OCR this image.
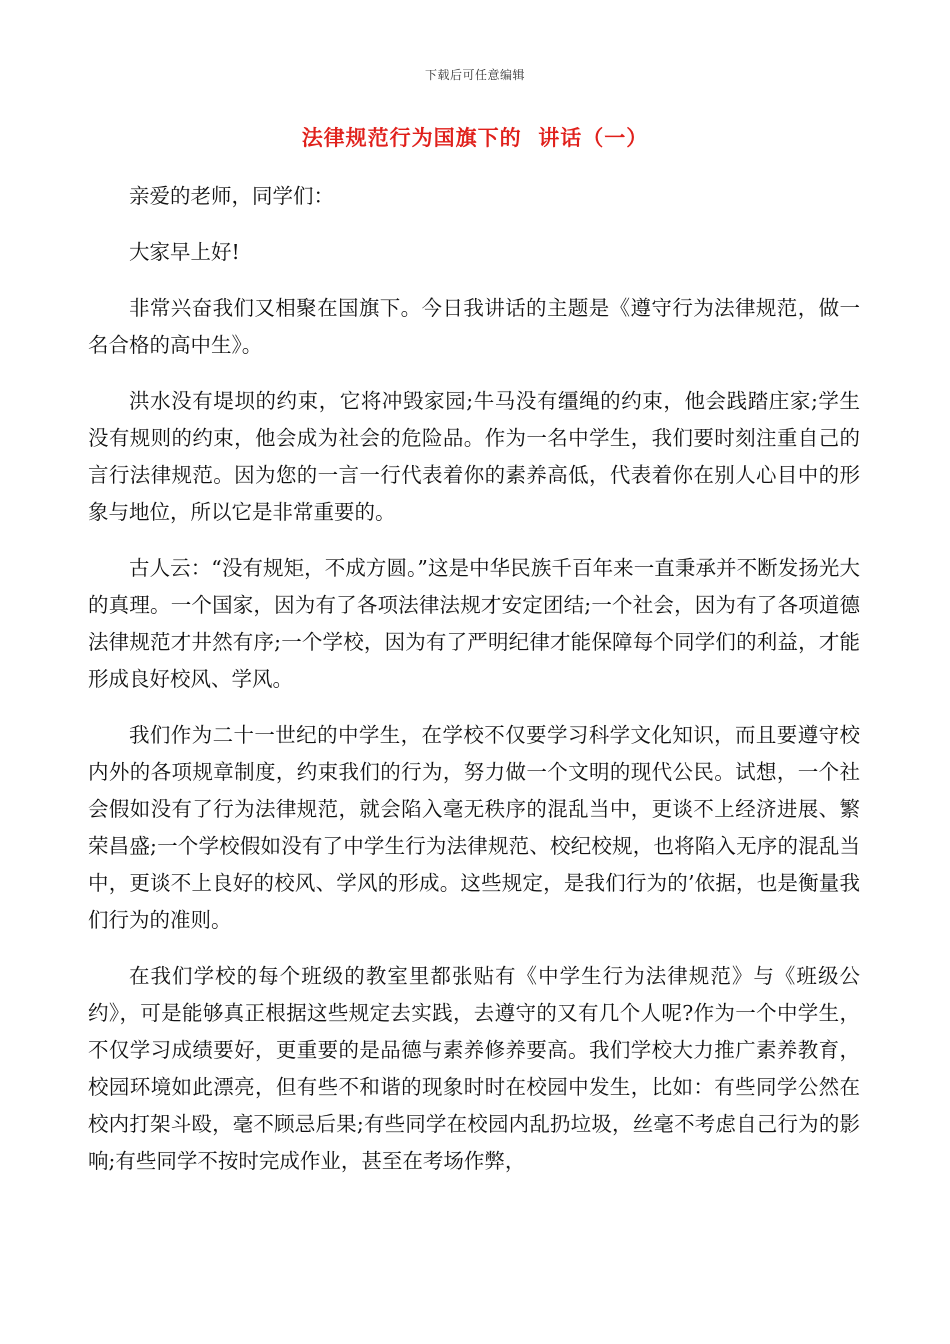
下载后可任意编辑
法律规范行为国旗下的  讲话（一）

亲爱的老师，同学们：

大家早上好!

非常兴奋我们又相聚在国旗下。今日我讲话的主题是《遵守行为法律规范，做一名合格的高中生》。

洪水没有堤坝的约束，它将冲毁家园;牛马没有缰绳的约束，他会践踏庄家;学生没有规则的约束，他会成为社会的危险品。作为一名中学生，我们要时刻注重自己的言行法律规范。因为您的一言一行代表着你的素养高低，代表着你在别人心目中的形象与地位，所以它是非常重要的。

古人云：“没有规矩，不成方圆。”这是中华民族千百年来一直秉承并不断发扬光大的真理。一个国家，因为有了各项法律法规才安定团结;一个社会，因为有了各项道德法律规范才井然有序;一个学校，因为有了严明纪律才能保障每个同学们的利益，才能形成良好校风、学风。

我们作为二十一世纪的中学生，在学校不仅要学习科学文化知识，而且要遵守校内外的各项规章制度，约束我们的行为，努力做一个文明的现代公民。试想，一个社会假如没有了行为法律规范，就会陷入毫无秩序的混乱当中，更谈不上经济进展、繁荣昌盛;一个学校假如没有了中学生行为法律规范、校纪校规，也将陷入无序的混乱当中，更谈不上良好的校风、学风的形成。这些规定，是我们行为的’依据，也是衡量我们行为的准则。

在我们学校的每个班级的教室里都张贴有《中学生行为法律规范》与《班级公约》，可是能够真正根据这些规定去实践，去遵守的又有几个人呢?作为一个中学生，不仅学习成绩要好，更重要的是品德与素养修养要高。我们学校大力推广素养教育，校园环境如此漂亮，但有些不和谐的现象时时在校园中发生，比如：有些同学公然在校内打架斗殴，毫不顾忌后果;有些同学在校园内乱扔垃圾，丝毫不考虑自己行为的影响;有些同学不按时完成作业，甚至在考场作弊，
